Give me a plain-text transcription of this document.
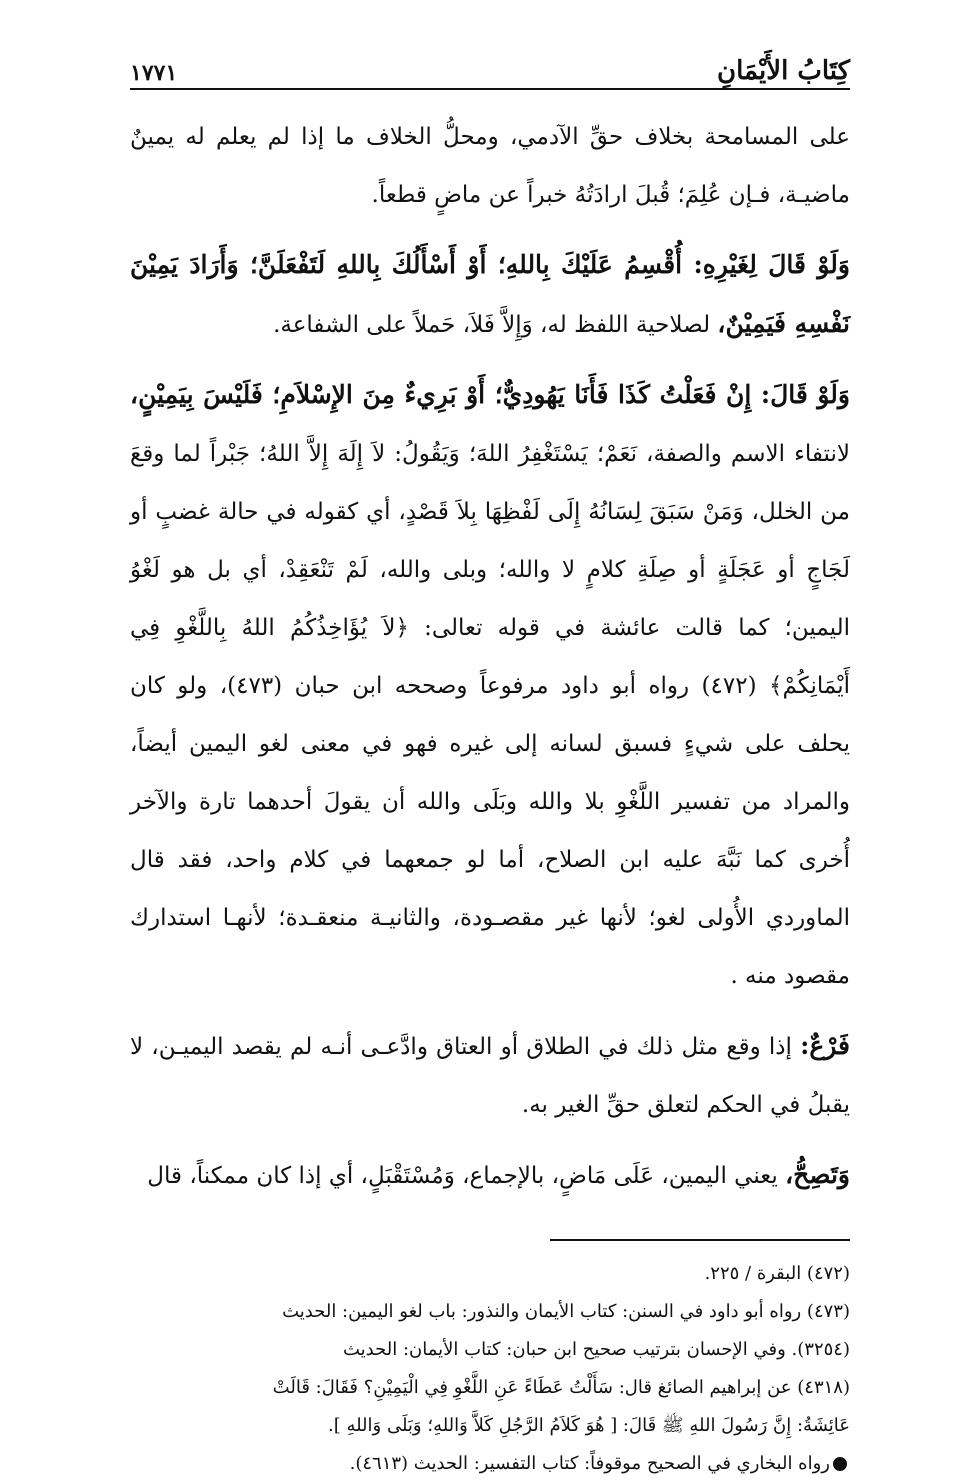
كِتَابُ الأَيْمَانِ
١٧٧١

على المسامحة بخلاف حقِّ الآدمي، ومحلُّ الخلاف ما إذا لم يعلم له يمينٌ ماضيـة، فـإن عُلِمَ؛ قُبلَ ارادَتُهُ خبراً عن ماضٍ قطعاً.

وَلَوْ قَالَ لِغَيْرِهِ: أُقْسِمُ عَلَيْكَ بِاللهِ؛ أَوْ أَسْأَلُكَ بِاللهِ لَتَفْعَلَنَّ؛ وَأَرَادَ يَمِيْنَ نَفْسِهِ فَيَمِيْنٌ، لصلاحية اللفظ له، وَإِلاَّ فَلاَ، حَملاً على الشفاعة.

وَلَوْ قَالَ: إِنْ فَعَلْتُ كَذَا فَأَنَا يَهُودِيٌّ؛ أَوْ بَرِيءٌ مِنَ الإِسْلاَمِ؛ فَلَيْسَ بِيَمِيْنٍ، لانتفاء الاسم والصفة، نَعَمْ؛ يَسْتَغْفِرُ اللهَ؛ وَيَقُولُ: لاَ إِلَهَ إِلاَّ اللهُ؛ جَبْراً لما وقعَ من الخلل، وَمَنْ سَبَقَ لِسَانُهُ إِلَى لَفْظِهَا بِلاَ قَصْدٍ، أي كقوله في حالة غضبٍ أو لَجَاجٍ أو عَجَلَةٍ أو صِلَةِ كلامٍ لا والله؛ وبلى والله، لَمْ تَنْعَقِدْ، أي بل هو لَغْوُ اليمين؛ كما قالت عائشة في قوله تعالى: ﴿لاَ يُؤَاخِذُكُمُ اللهُ بِاللَّغْوِ فِي أَيْمَانِكُمْ﴾ (٤٧٢) رواه أبو داود مرفوعاً وصححه ابن حبان (٤٧٣)، ولو كان يحلف على شيءٍ فسبق لسانه إلى غيره فهو في معنى لغو اليمين أيضاً، والمراد من تفسير اللَّغْوِ بلا والله وبَلَى والله أن يقولَ أحدهما تارة والآخر أُخرى كما نَبَّهَ عليه ابن الصلاح، أما لو جمعهما في كلام واحد، فقد قال الماوردي الأُولى لغو؛ لأنها غير مقصـودة، والثانيـة منعقـدة؛ لأنهـا استدارك مقصود منه .

فَرْعٌ: إذا وقع مثل ذلك في الطلاق أو العتاق وادَّعـى أنـه لم يقصد اليميـن، لا يقبلُ في الحكم لتعلق حقِّ الغير به.

وَتَصِحُّ، يعني اليمين، عَلَى مَاضٍ، بالإجماع، وَمُسْتَقْبَلٍ، أي إذا كان ممكناً، قال

(٤٧٢) البقرة / ٢٢٥.

(٤٧٣) رواه أبو داود في السنن: كتاب الأيمان والنذور: باب لغو اليمين: الحديث

(٣٢٥٤). وفي الإحسان بترتيب صحيح ابن حبان: كتاب الأيمان: الحديث

(٤٣١٨) عن إبراهيم الصائغ قال: سَأَلْتُ عَطَاءً عَنِ اللَّغْوِ فِي الْيَمِيْنِ؟ فَقَالَ: قَالَتْ

عَائِشَةُ: إِنَّ رَسُولَ اللهِ ﷺ قَالَ: [ هُوَ كَلاَمُ الرَّجُلِ كَلاَّ وَاللهِ؛ وَبَلَى وَاللهِ ].

رواه البخاري في الصحيح موقوفاً: كتاب التفسير: الحديث (٤٦١٣).
